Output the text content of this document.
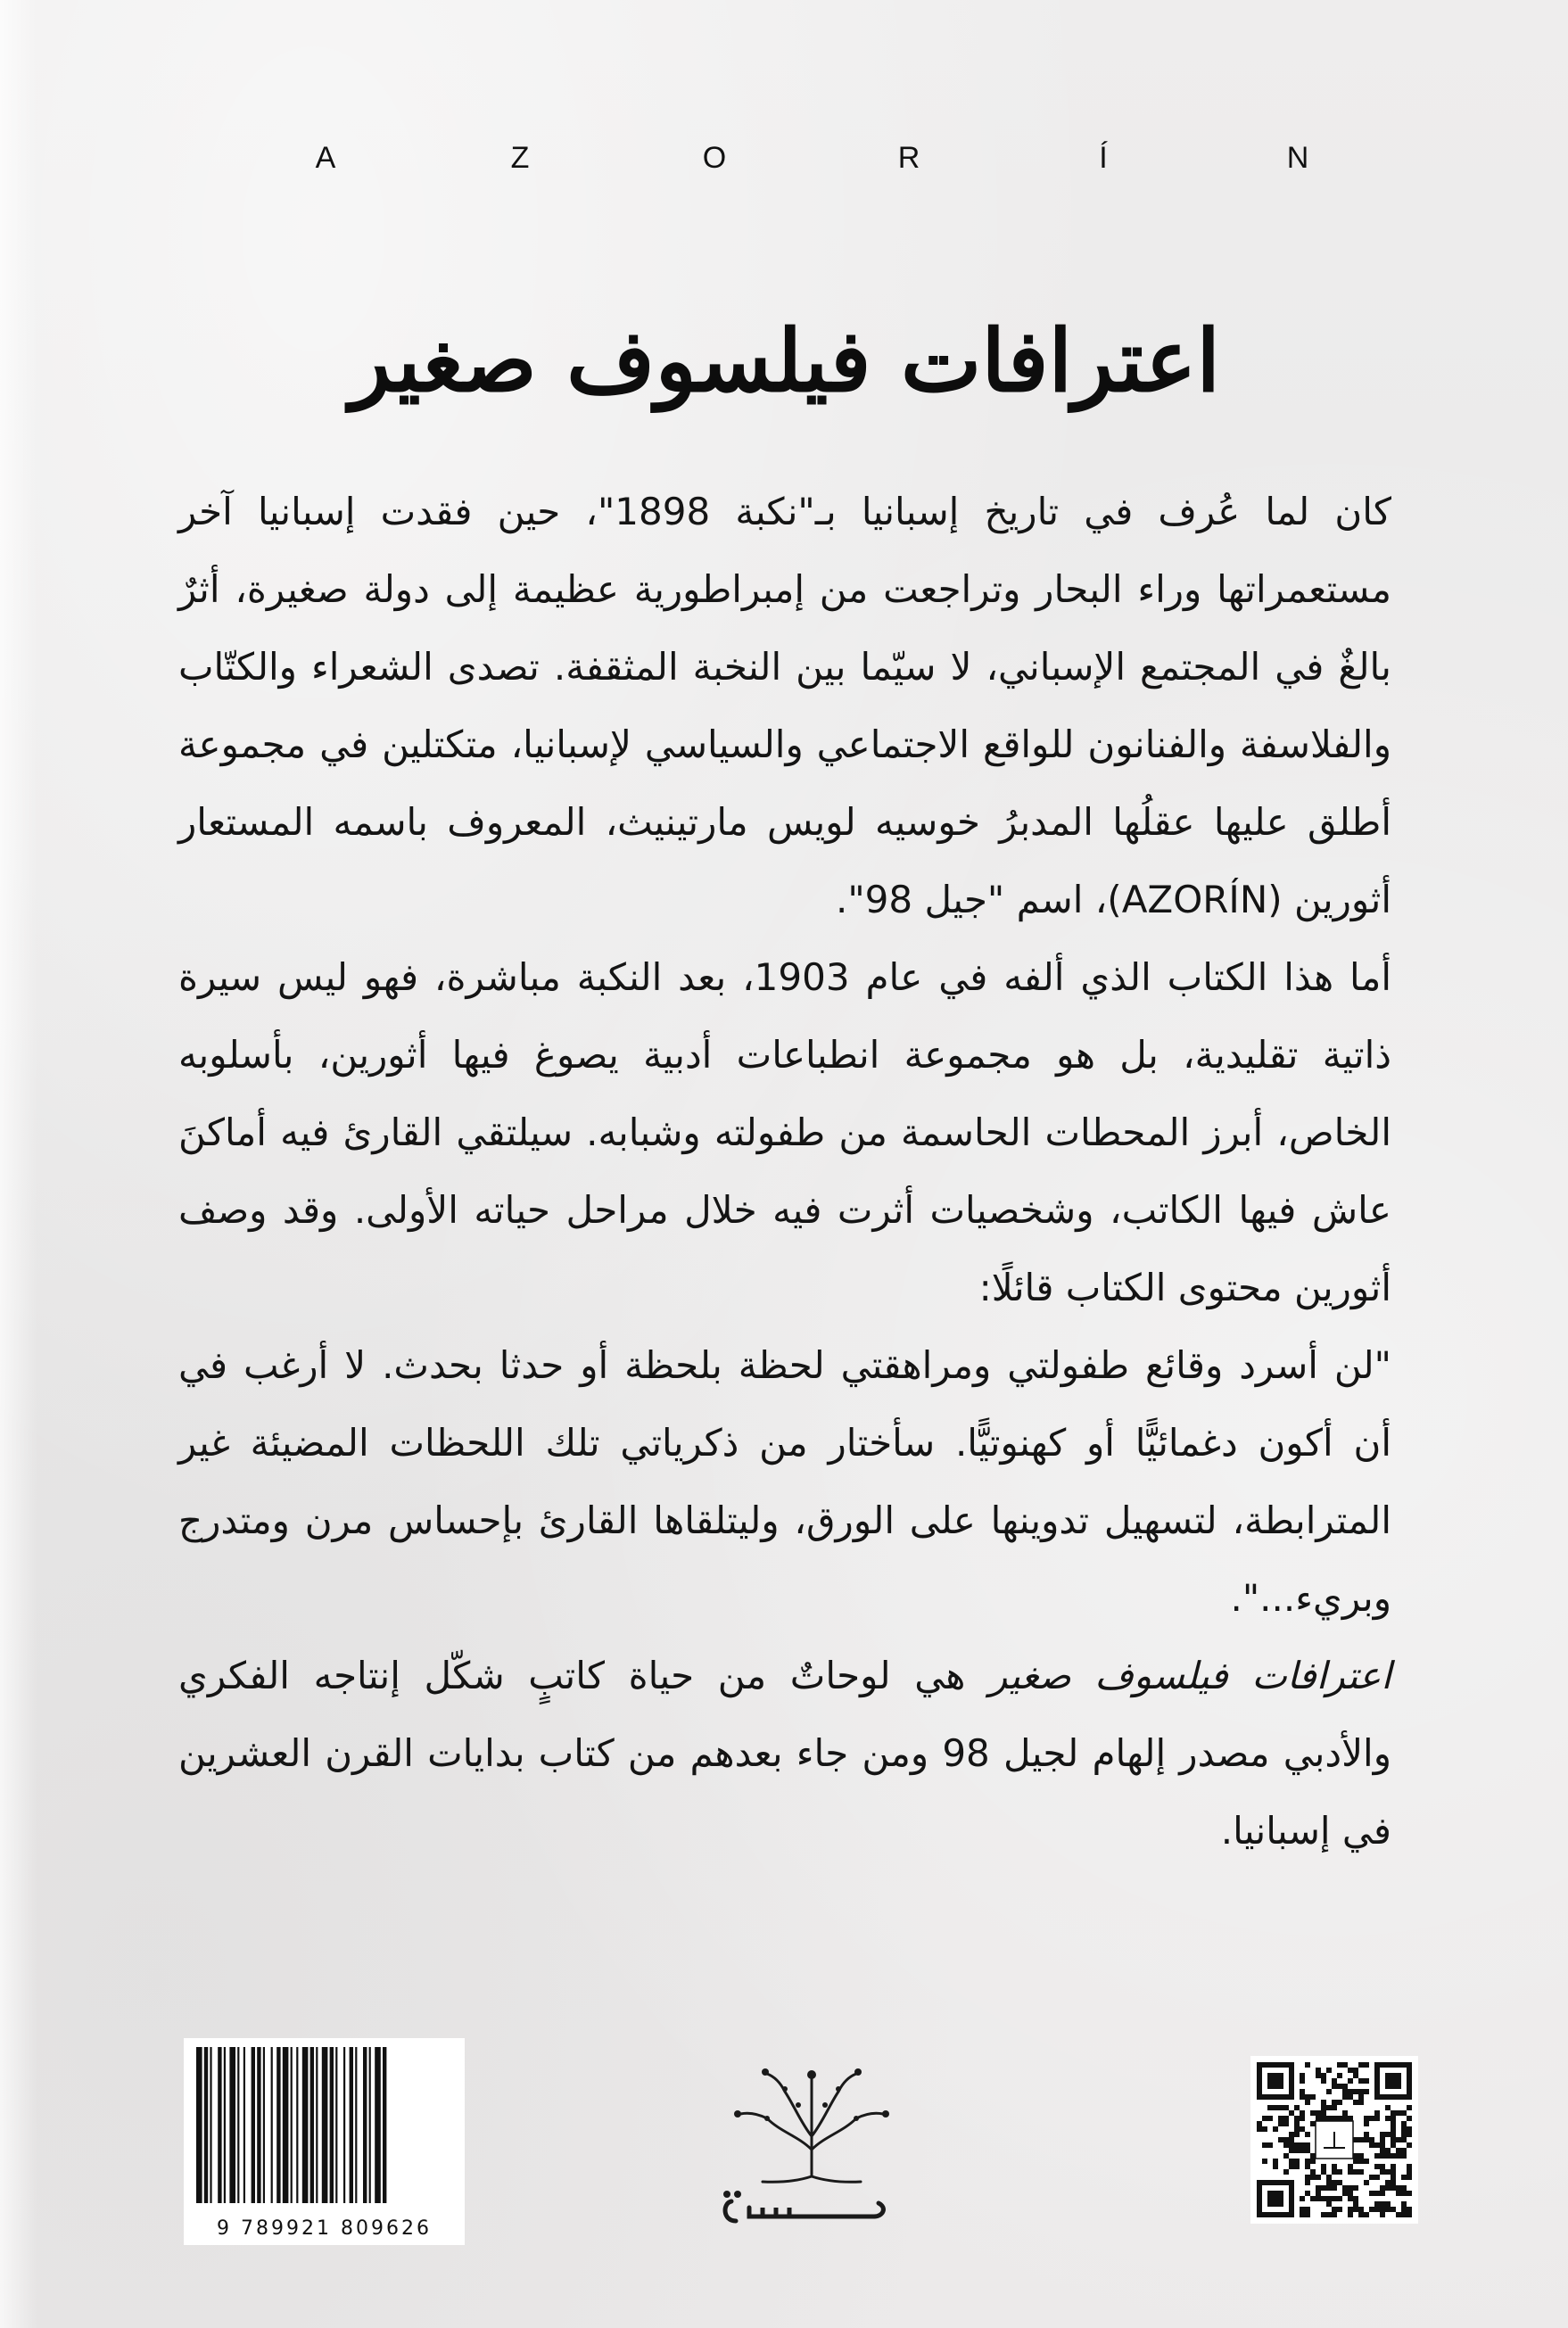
A	Z	O	R	Í	N
اعترافات فيلسوف صغير

كان لما عُرف في تاريخ إسبانيا بـ"نكبة 1898"، حين فقدت إسبانيا آخر مستعمراتها وراء البحار وتراجعت من إمبراطورية عظيمة إلى دولة صغيرة، أثرٌ بالغٌ في المجتمع الإسباني، لا سيّما بين النخبة المثقفة. تصدى الشعراء والكتّاب والفلاسفة والفنانون للواقع الاجتماعي والسياسي لإسبانيا، متكتلين في مجموعة أطلق عليها عقلُها المدبرُ خوسيه لويس مارتينيث، المعروف باسمه المستعار أثورين (AZORÍN)، اسم "جيل 98".

أما هذا الكتاب الذي ألفه في عام 1903، بعد النكبة مباشرة، فهو ليس سيرة ذاتية تقليدية، بل هو مجموعة انطباعات أدبية يصوغ فيها أثورين، بأسلوبه الخاص، أبرز المحطات الحاسمة من طفولته وشبابه. سيلتقي القارئ فيه أماكنَ عاش فيها الكاتب، وشخصيات أثرت فيه خلال مراحل حياته الأولى. وقد وصف أثورين محتوى الكتاب قائلًا:

"لن أسرد وقائع طفولتي ومراهقتي لحظة بلحظة أو حدثا بحدث. لا أرغب في أن أكون دغمائيًّا أو كهنوتيًّا. سأختار من ذكرياتي تلك اللحظات المضيئة غير المترابطة، لتسهيل تدوينها على الورق، وليتلقاها القارئ بإحساس مرن ومتدرج وبريء...".

اعترافات فيلسوف صغير هي لوحاتٌ من حياة كاتبٍ شكّل إنتاجه الفكري والأدبي مصدر إلهام لجيل 98 ومن جاء بعدهم من كتاب بدايات القرن العشرين في إسبانيا.

9 789921 809626
